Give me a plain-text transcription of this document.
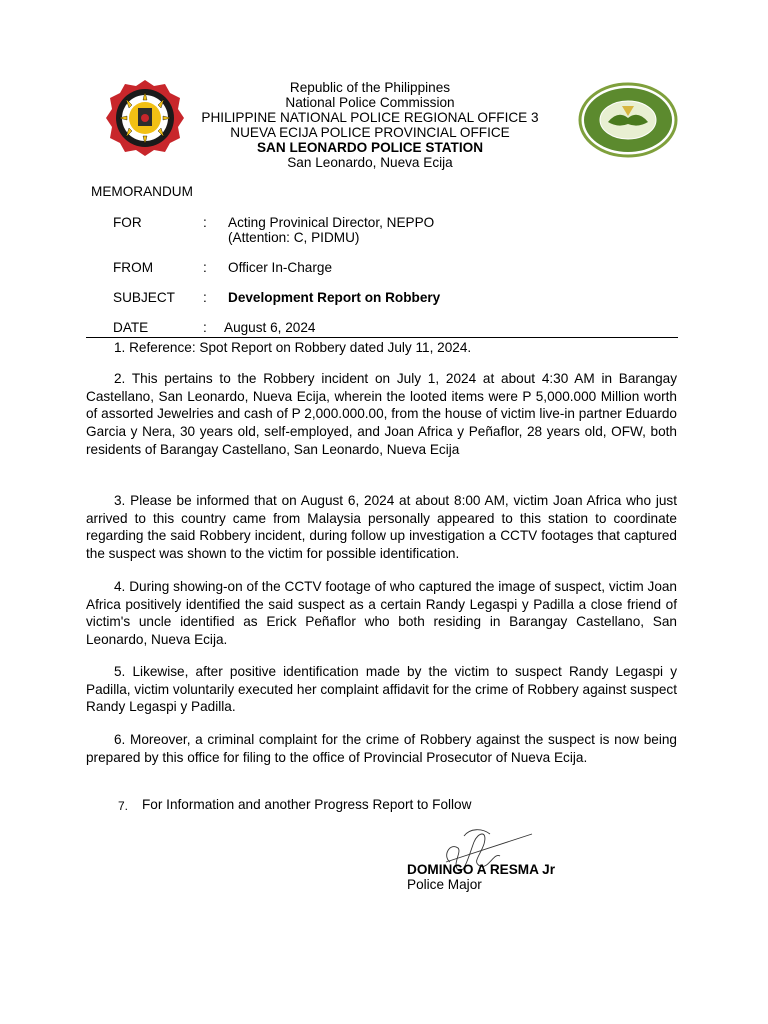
Republic of the Philippines
National Police Commission
PHILIPPINE NATIONAL POLICE REGIONAL OFFICE 3
NUEVA ECIJA POLICE PROVINCIAL OFFICE
SAN LEONARDO POLICE STATION
San Leonardo, Nueva Ecija
MEMORANDUM
FOR	: Acting Provinical Director, NEPPO
(Attention: C, PIDMU)
FROM	: Officer In-Charge
SUBJECT : Development Report on Robbery
DATE	: August 6, 2024
1. Reference: Spot Report on Robbery dated July 11, 2024.
2. This pertains to the Robbery incident on July 1, 2024 at about 4:30 AM in Barangay Castellano, San Leonardo, Nueva Ecija, wherein the looted items were P 5,000.000 Million worth of assorted Jewelries and cash of P 2,000.000.00, from the house of victim live-in partner Eduardo Garcia y Nera, 30 years old, self-employed, and Joan Africa y Peñaflor, 28 years old, OFW, both residents of Barangay Castellano, San Leonardo, Nueva Ecija
3. Please be informed that on August 6, 2024 at about 8:00 AM, victim Joan Africa who just arrived to this country came from Malaysia personally appeared to this station to coordinate regarding the said Robbery incident, during follow up investigation a CCTV footages that captured the suspect was shown to the victim for possible identification.
4. During showing-on of the CCTV footage of who captured the image of suspect, victim Joan Africa positively identified the said suspect as a certain Randy Legaspi y Padilla a close friend of victim's uncle identified as Erick Peñaflor who both residing in Barangay Castellano, San Leonardo, Nueva Ecija.
5. Likewise, after positive identification made by the victim to suspect Randy Legaspi y Padilla, victim voluntarily executed her complaint affidavit for the crime of Robbery against suspect Randy Legaspi y Padilla.
6. Moreover, a criminal complaint for the crime of Robbery against the suspect is now being prepared by this office for filing to the office of Provincial Prosecutor of Nueva Ecija.
7. For Information and another Progress Report to Follow
DOMINGO A RESMA Jr
Police Major
